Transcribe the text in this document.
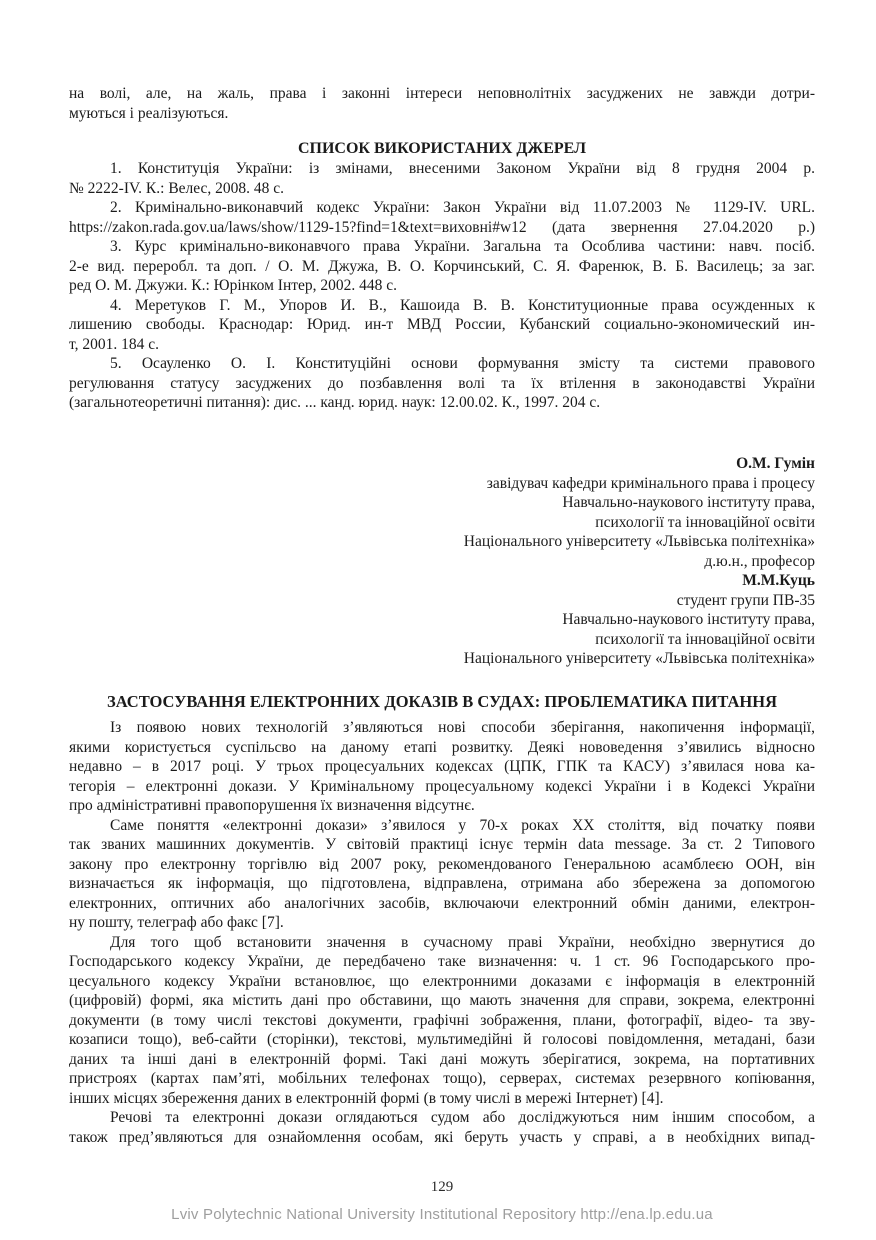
на волі, але, на жаль, права і законні інтереси неповнолітніх засуджених не завжди дотри-
муються і реалізуються.
СПИСОК ВИКОРИСТАНИХ ДЖЕРЕЛ
1. Конституція України: із змінами, внесеними Законом України від 8 грудня 2004 р.
№ 2222-IV. К.: Велес, 2008. 48 с.
2. Кримінально-виконавчий кодекс України: Закон України від 11.07.2003 № 1129-IV. URL.
https://zakon.rada.gov.ua/laws/show/1129-15?find=1&text=виховні#w12 (дата звернення 27.04.2020 р.)
3. Курс кримінально-виконавчого права України. Загальна та Особлива частини: навч. посіб.
2-е вид. переробл. та доп. / О. М. Джужа, В. О. Корчинський, С. Я. Фаренюк, В. Б. Василець; за заг.
ред О. М. Джужи. К.: Юрінком Інтер, 2002. 448 с.
4. Меретуков Г. М., Упоров И. В., Кашоида В. В. Конституционные права осужденных к
лишению свободы. Краснодар: Юрид. ин-т МВД России, Кубанский социально-экономический ин-
т, 2001. 184 с.
5. Осауленко О. І. Конституційні основи формування змісту та системи правового
регулювання статусу засуджених до позбавлення волі та їх втілення в законодавстві України
(загальнотеоретичні питання): дис. ... канд. юрид. наук: 12.00.02. К., 1997. 204 с.
О.М. Гумін
завідувач кафедри кримінального права і процесу
Навчально-наукового інституту права,
психології та інноваційної освіти
Національного університету «Львівська політехніка»
д.ю.н., професор
М.М.Куць
студент групи ПВ-35
Навчально-наукового інституту права,
психології та інноваційної освіти
Національного університету «Львівська політехніка»
ЗАСТОСУВАННЯ ЕЛЕКТРОННИХ ДОКАЗІВ В СУДАХ: ПРОБЛЕМАТИКА ПИТАННЯ
Із появою нових технологій з’являються нові способи зберігання, накопичення інформації,
якими користується суспільсво на даному етапі розвитку. Деякі нововедення з’явились відносно
недавно – в 2017 році. У трьох процесуальних кодексах (ЦПК, ГПК та КАСУ) з’явилася нова ка-
тегорія – електронні докази. У Кримінальному процесуальному кодексі України і в Кодексі України
про адміністративні правопорушення їх визначення відсутнє.
Саме поняття «електронні докази» з’явилося у 70-х роках ХХ століття, від початку появи
так званих машинних документів. У світовій практиці існує термін data message. За ст. 2 Типового
закону про електронну торгівлю від 2007 року, рекомендованого Генеральною асамблеєю ООН, він
визначається як інформація, що підготовлена, відправлена, отримана або збережена за допомогою
електронних, оптичних або аналогічних засобів, включаючи електронний обмін даними, електрон-
ну пошту, телеграф або факс [7].
Для того щоб встановити значення в сучасному праві України, необхідно звернутися до
Господарського кодексу України, де передбачено таке визначення: ч. 1 ст. 96 Господарського про-
цесуального кодексу України встановлює, що електронними доказами є інформація в електронній
(цифровій) формі, яка містить дані про обставини, що мають значення для справи, зокрема, електронні
документи (в тому числі текстові документи, графічні зображення, плани, фотографії, відео- та зву-
козаписи тощо), веб-сайти (сторінки), текстові, мультимедійні й голосові повідомлення, метадані, бази
даних та інші дані в електронній формі. Такі дані можуть зберігатися, зокрема, на портативних
пристроях (картах пам’яті, мобільних телефонах тощо), серверах, системах резервного копіювання,
інших місцях збереження даних в електронній формі (в тому числі в мережі Інтернет) [4].
Речові та електронні докази оглядаються судом або досліджуються ним іншим способом, а
також пред’являються для ознайомлення особам, які беруть участь у справі, а в необхідних випад-
129
Lviv Polytechnic National University Institutional Repository http://ena.lp.edu.ua
